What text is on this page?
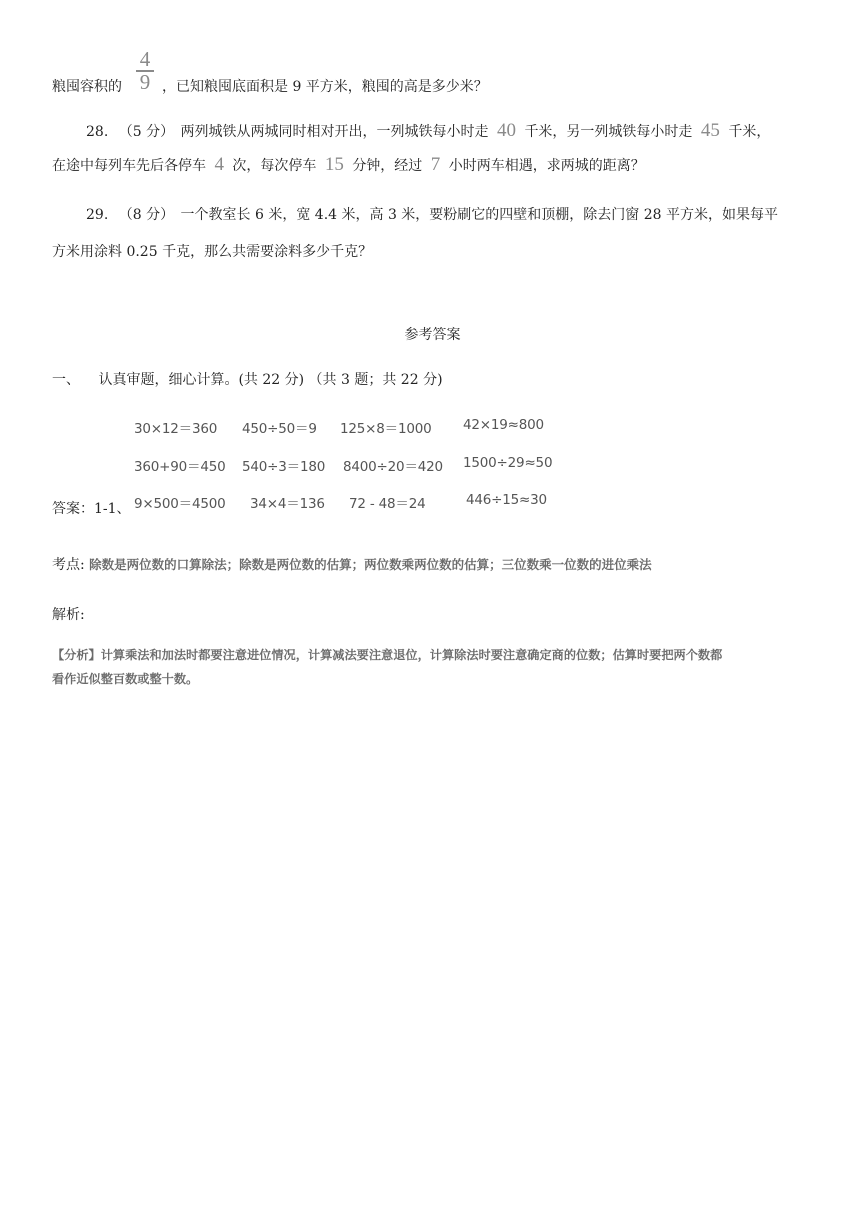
粮囤容积的
4
9 ，已知粮囤底面积是 9 平方米，粮囤的高是多少米？
28. （5 分） 两列城铁从两城同时相对开出，一列城铁每小时走 40 千米，另一列城铁每小时走 45 千米，
在途中每列车先后各停车 4 次，每次停车 15 分钟，经过 7 小时两车相遇，求两城的距离？
29. （8 分） 一个教室长 6 米，宽 4.4 米，高 3 米，要粉刷它的四壁和顶棚，除去门窗 28 平方米，如果每平
方米用涂料 0.25 千克，那么共需要涂料多少千克？
参考答案
一、 认真审题，细心计算。(共 22 分) （共 3 题；共 22 分)
30×12＝360 450÷50＝9 125×8＝1000 42×19≈800
360+90＝450 540÷3＝180 8400÷20＝420 1500÷29≈50
答案：1-1、 9×500＝4500 34×4＝136 72 - 48＝24	446÷15≈30
考点: 除数是两位数的口算除法；除数是两位数的估算；两位数乘两位数的估算；三位数乘一位数的进位乘法
解析:
【分析】计算乘法和加法时都要注意进位情况，计算减法要注意退位，计算除法时要注意确定商的位数；估算时要把两个数都
看作近似整百数或整十数。
